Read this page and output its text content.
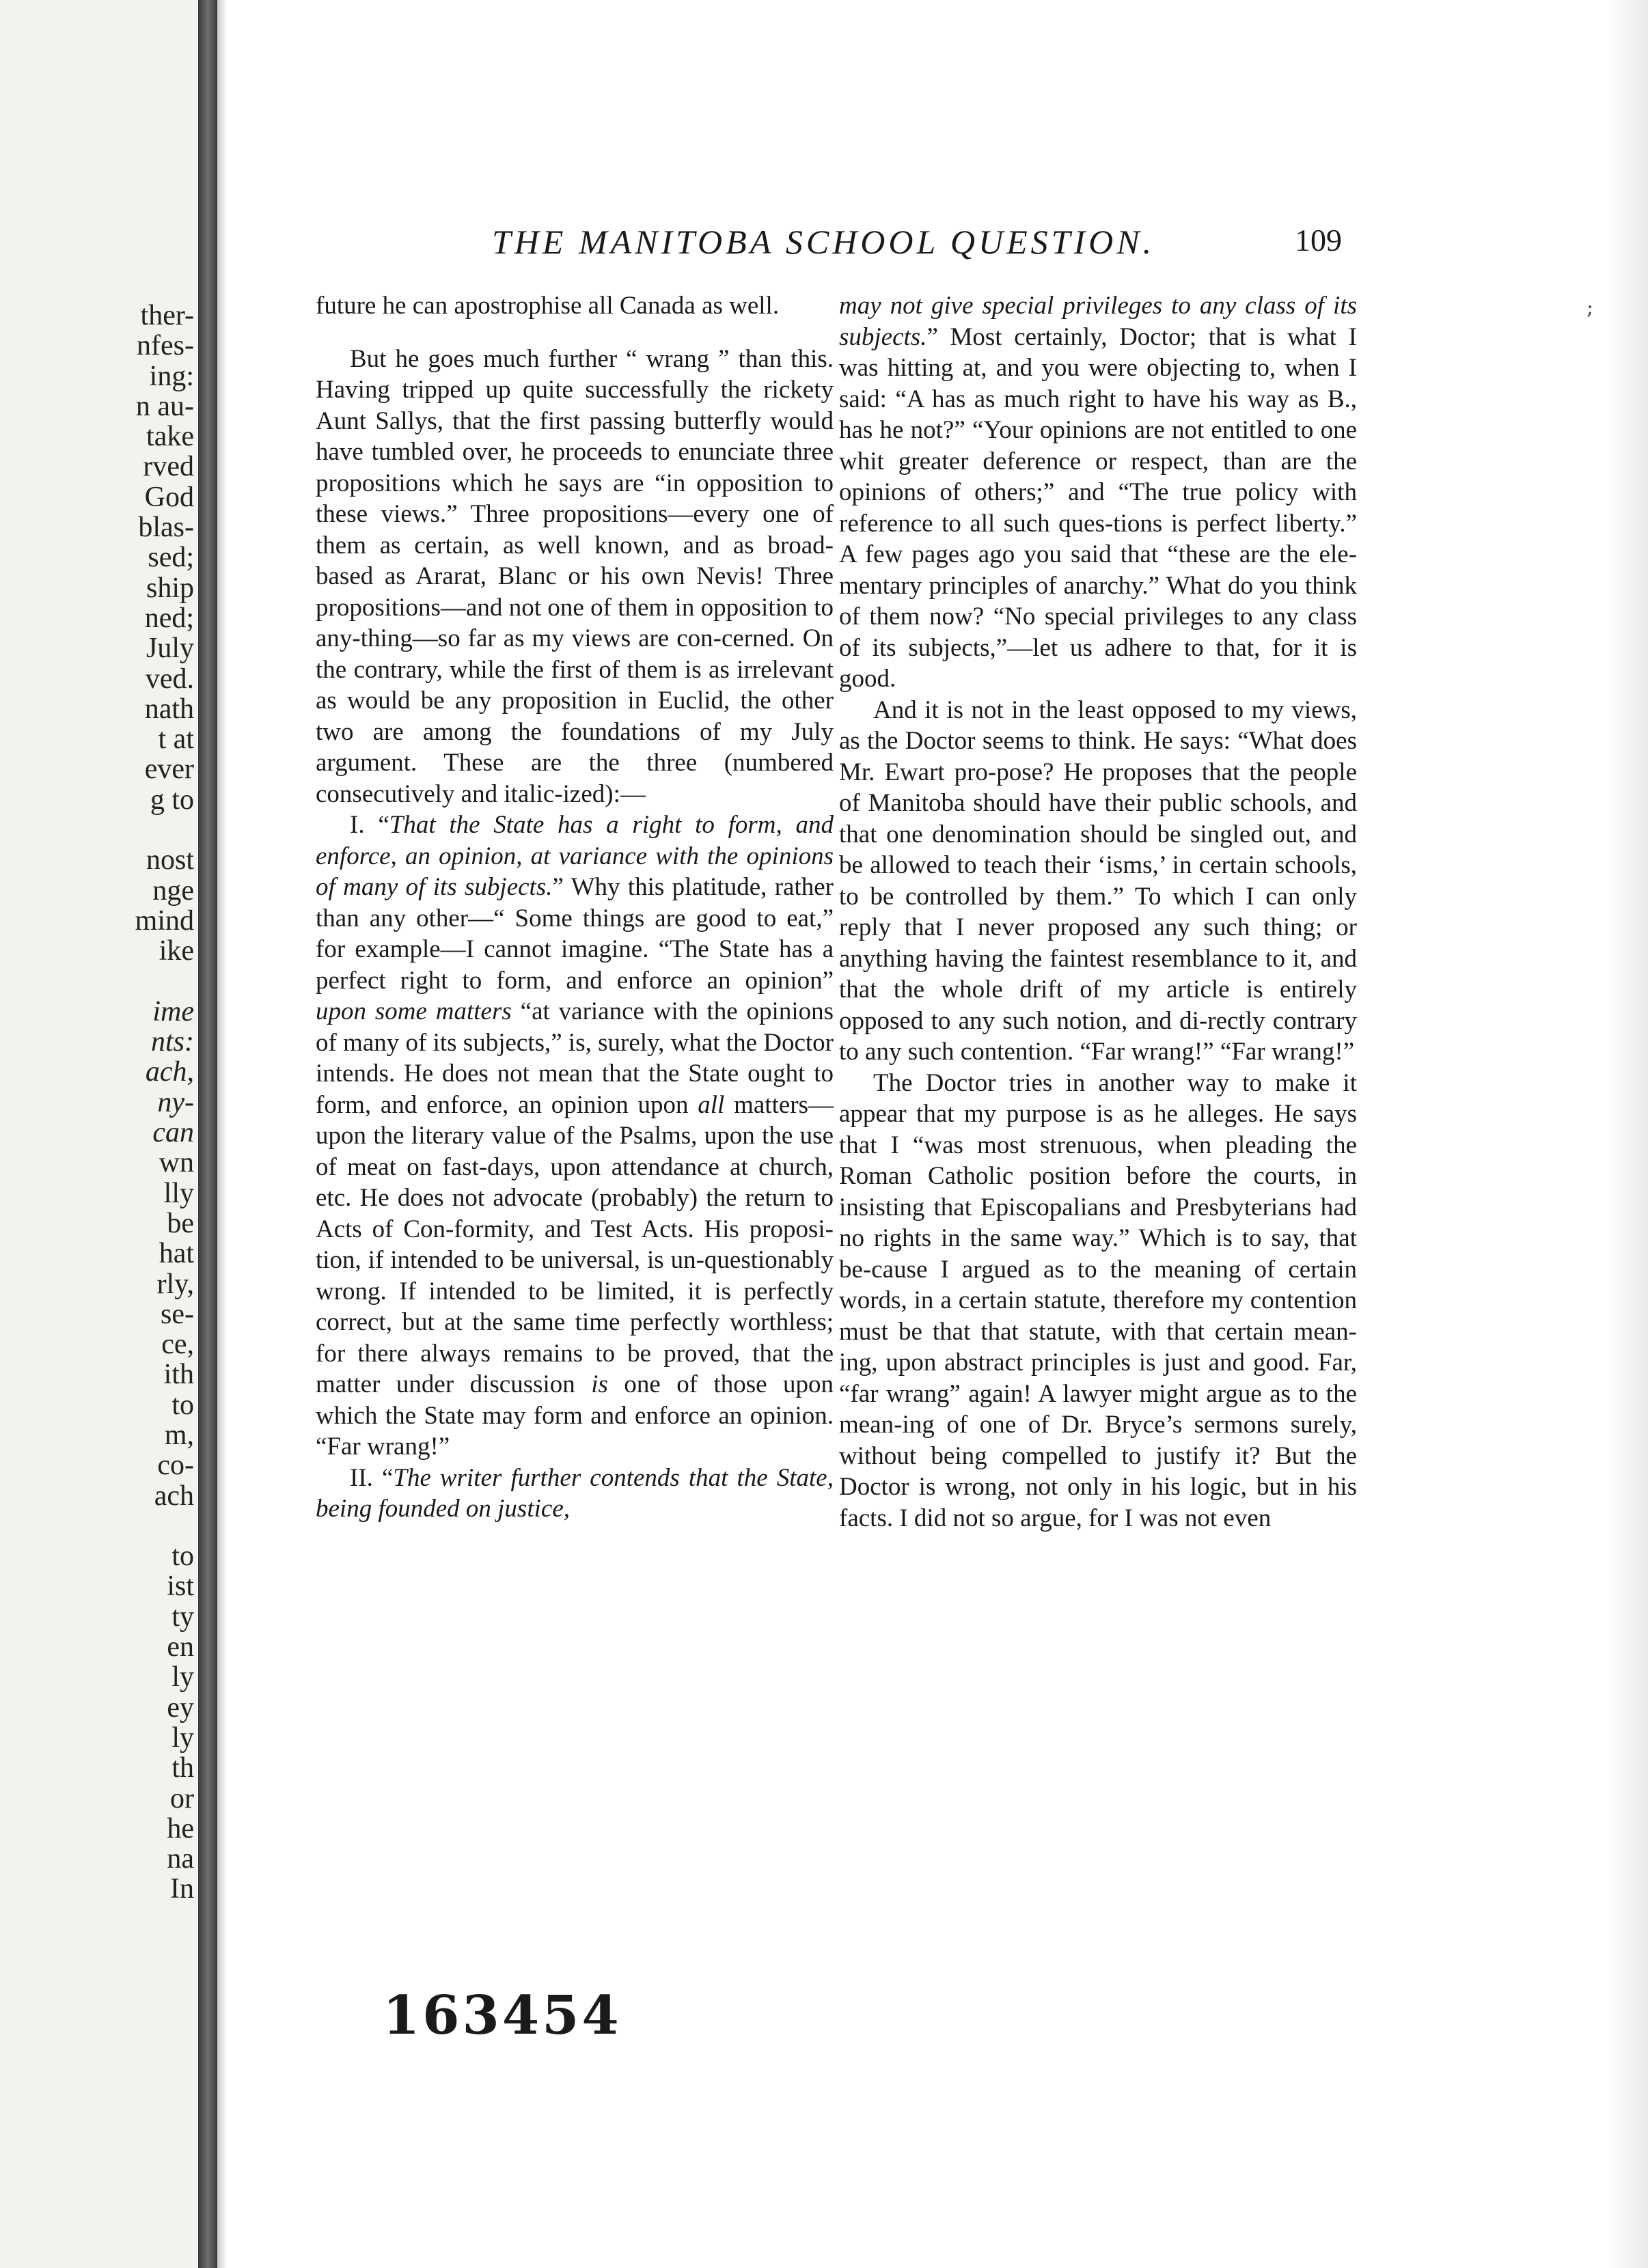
ther-
nfes-
ing:
n au-
take
rved
God
blas-
sed;
ship
ned;
July
ved.
nath
t at
ever
g to
nost
nge
mind
ike
ime
nts:
ach,
ny-
can
wn
lly
be
hat
rly,
se-
ce,
ith
to
m,
co-
ach
to
ist
ty
en
ly
ey
ly
th
or
he
na
In
THE MANITOBA SCHOOL QUESTION.	109
;

future he can apostrophise all Canada as well.

But he goes much further “ wrang ” than this. Having tripped up quite successfully the rickety Aunt Sallys, that the first passing butterfly would have tumbled over, he proceeds to enunciate three propositions which he says are “in opposition to these views.” Three propositions—every one of them as certain, as well known, and as broad-based as Ararat, Blanc or his own Nevis! Three propositions—and not one of them in opposition to any-thing—so far as my views are con-cerned. On the contrary, while the first of them is as irrelevant as would be any proposition in Euclid, the other two are among the foundations of my July argument. These are the three (numbered consecutively and italic-ized):—

I. “That the State has a right to form, and enforce, an opinion, at variance with the opinions of many of its subjects.” Why this platitude, rather than any other—“ Some things are good to eat,” for example—I cannot imagine. “The State has a perfect right to form, and enforce an opinion” upon some matters “at variance with the opinions of many of its subjects,” is, surely, what the Doctor intends. He does not mean that the State ought to form, and enforce, an opinion upon all matters—upon the literary value of the Psalms, upon the use of meat on fast-days, upon attendance at church, etc. He does not advocate (probably) the return to Acts of Con-formity, and Test Acts. His proposi-tion, if intended to be universal, is un-questionably wrong. If intended to be limited, it is perfectly correct, but at the same time perfectly worthless; for there always remains to be proved, that the matter under discussion is one of those upon which the State may form and enforce an opinion. “Far wrang!”

II. “The writer further contends that the State, being founded on justice,

may not give special privileges to any class of its subjects.” Most certainly, Doctor; that is what I was hitting at, and you were objecting to, when I said: “A has as much right to have his way as B., has he not?” “Your opinions are not entitled to one whit greater deference or respect, than are the opinions of others;” and “The true policy with reference to all such ques-tions is perfect liberty.” A few pages ago you said that “these are the ele-mentary principles of anarchy.” What do you think of them now? “No special privileges to any class of its subjects,”—let us adhere to that, for it is good.

And it is not in the least opposed to my views, as the Doctor seems to think. He says: “What does Mr. Ewart pro-pose? He proposes that the people of Manitoba should have their public schools, and that one denomination should be singled out, and be allowed to teach their ‘isms,’ in certain schools, to be controlled by them.” To which I can only reply that I never proposed any such thing; or anything having the faintest resemblance to it, and that the whole drift of my article is entirely opposed to any such notion, and di-rectly contrary to any such contention. “Far wrang!” “Far wrang!”

The Doctor tries in another way to make it appear that my purpose is as he alleges. He says that I “was most strenuous, when pleading the Roman Catholic position before the courts, in insisting that Episcopalians and Presbyterians had no rights in the same way.” Which is to say, that be-cause I argued as to the meaning of certain words, in a certain statute, therefore my contention must be that that statute, with that certain mean-ing, upon abstract principles is just and good. Far, “far wrang” again! A lawyer might argue as to the mean-ing of one of Dr. Bryce’s sermons surely, without being compelled to justify it? But the Doctor is wrong, not only in his logic, but in his facts. I did not so argue, for I was not even

163454
